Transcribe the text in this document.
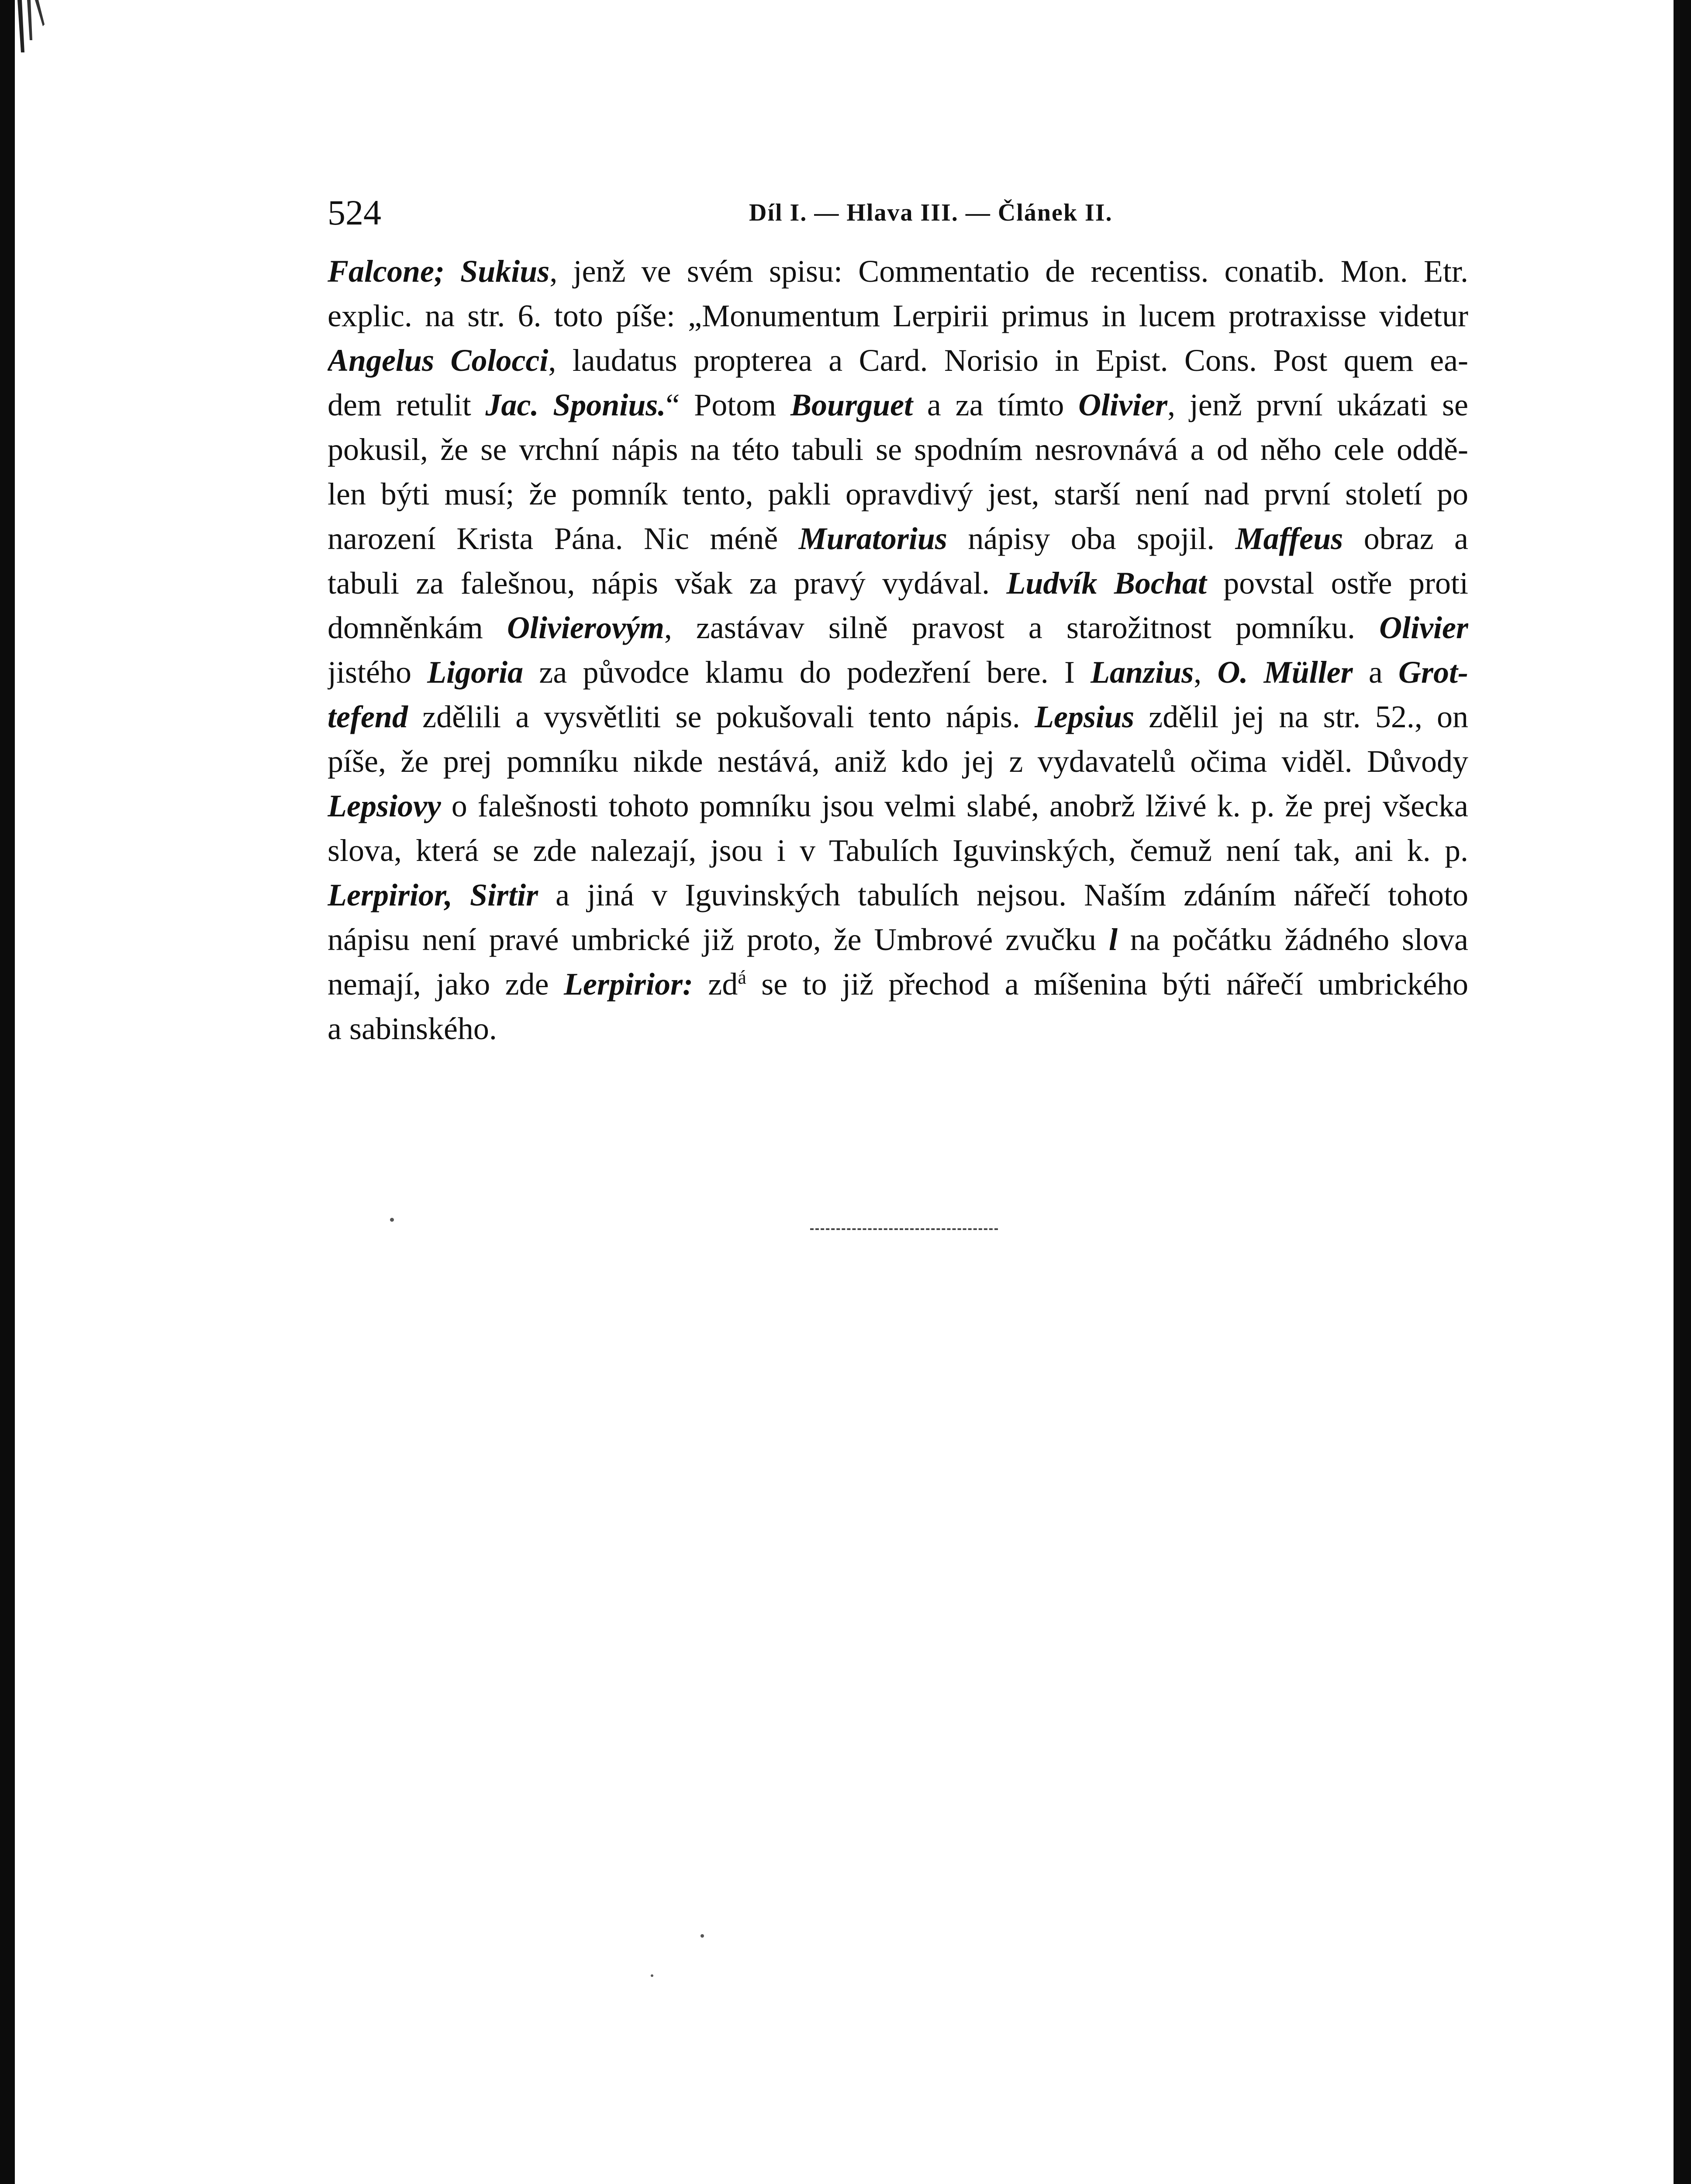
524	Díl I. — Hlava III. — Článek II.
Falcone; Sukius, jenž ve svém spisu: Commentatio de recentiss. conatib. Mon. Etr.
explic. na str. 6. toto píše: „Monumentum Lerpirii primus in lucem protraxisse videtur
Angelus Colocci, laudatus propterea a Card. Norisio in Epist. Cons. Post quem ea-
dem retulit Jac. Sponius.“ Potom Bourguet a za tímto Olivier, jenž první ukázati se
pokusil, že se vrchní nápis na této tabuli se spodním nesrovnává a od něho cele oddě-
len býti musí; že pomník tento, pakli opravdivý jest, starší není nad první století po
narození Krista Pána. Nic méně Muratorius nápisy oba spojil. Maffeus obraz a
tabuli za falešnou, nápis však za pravý vydával. Ludvík Bochat povstal ostře proti
domněnkám Olivierovým, zastávav silně pravost a starožitnost pomníku. Olivier
jistého Ligoria za původce klamu do podezření bere. I Lanzius, O. Müller a Grot-
tefend zdělili a vysvětliti se pokušovali tento nápis. Lepsius zdělil jej na str. 52., on
píše, že prej pomníku nikde nestává, aniž kdo jej z vydavatelů očima viděl. Důvody
Lepsiovy o falešnosti tohoto pomníku jsou velmi slabé, anobrž lživé k. p. že prej všecka
slova, která se zde nalezají, jsou i v Tabulích Iguvinských, čemuž není tak, ani k. p.
Lerpirior, Sirtir a jiná v Iguvinských tabulích nejsou. Naším zdáním nářečí tohoto
nápisu není pravé umbrické již proto, že Umbrové zvučku l na počátku žádného slova
nemají, jako zde Lerpirior: $zd^á$ se to již přechod a míšenina býti nářečí umbrického
a sabinského.
